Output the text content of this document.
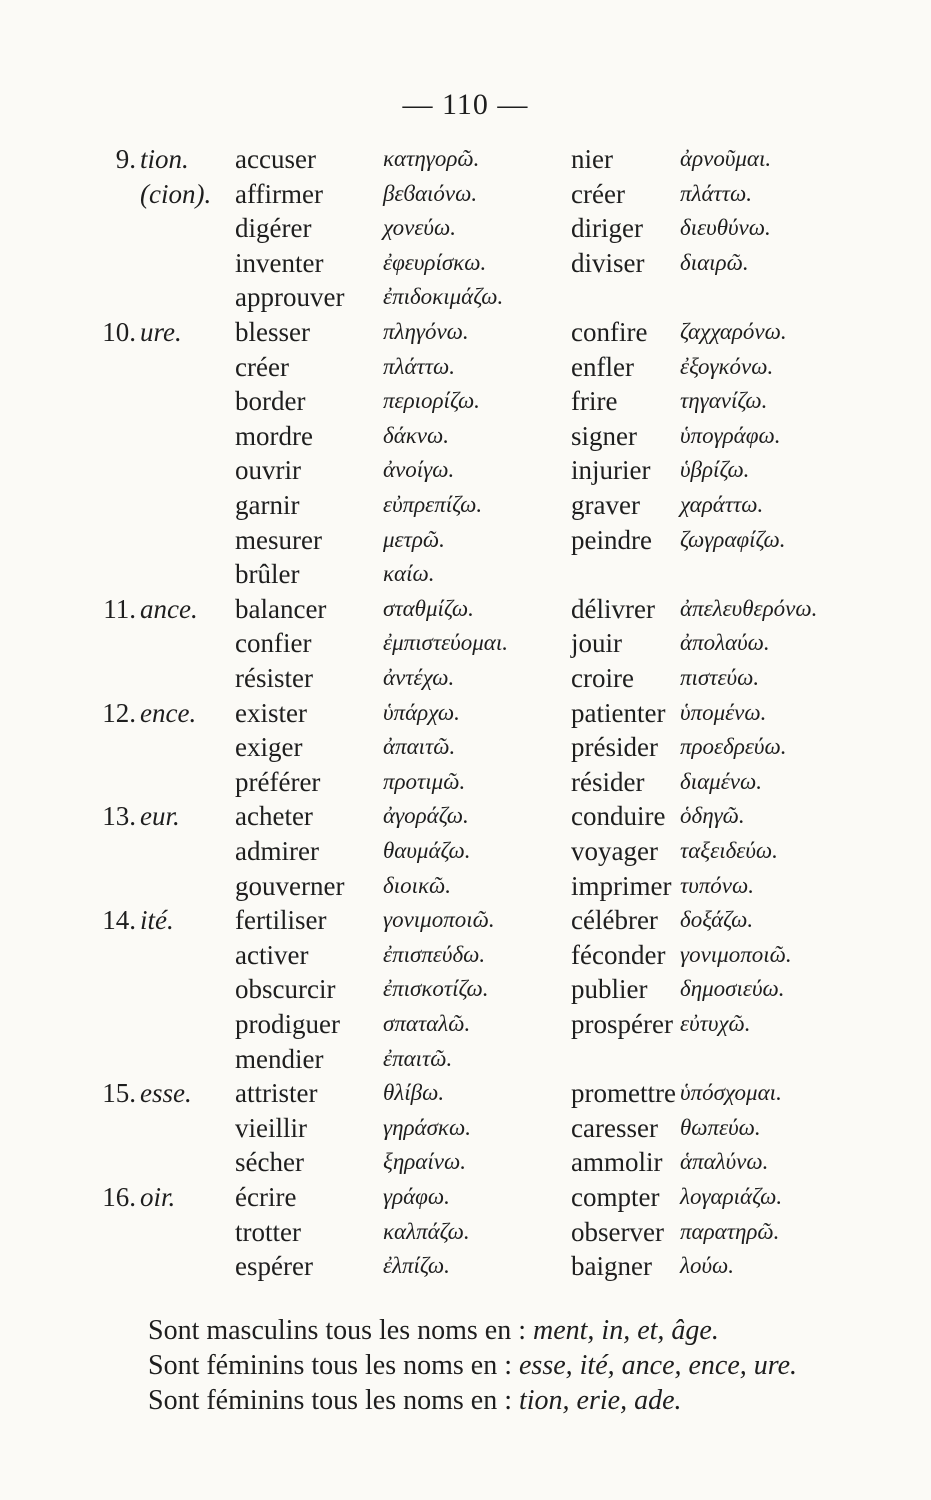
— 110 —
9. tion. accuser	κατηγορῶ.	nier	ἀρνοῦμαι.
(cion). affirmer	βεϐαιόνω.	créer πλάττω.
digérer	χονεύω.	diriger διευθύνω.
inventer	ἐφευρίσκω.	diviser διαιρῶ.
approuver ἐπιδοκιμάζω.
10. ure. blesser	πληγόνω.	confire ζαχχαρόνω.
créer	πλάττω.	enfler ἐξογκόνω.
border	περιορίζω.	frire	τηγανίζω.
mordre	δάκνω.	signer ὑπογράφω.
ouvrir	ἀνοίγω.	injurier ὑβρίζω.
garnir	εὐπρεπίζω.	graver χαράττω.
mesurer	μετρῶ.	peindre ζωγραφίζω.
brûler	καίω.
11. ance. balancer σταθμίζω.	délivrer ἀπελευθερόνω.
confier	ἐμπιστεύομαι. jouir	ἀπολαύω.
résister	ἀντέχω.	croire πιστεύω.
12. ence. exister	ὑπάρχω.	patienter ὑπομένω.
exiger	ἀπαιτῶ.	présider προεδρεύω.
préférer	προτιμῶ.	résider διαμένω.
13. eur. acheter	ἀγοράζω.	conduire ὁδηγῶ.
admirer	θαυμάζω.	voyager ταξειδεύω.
gouverner διοικῶ.	imprimer τυπόνω.
14. ité. fertiliser γονιμοποιῶ.	célébrer δοξάζω.
activer	ἐπισπεύδω.	féconder γονιμοποιῶ.
obscurcir ἐπισκοτίζω.	publier δημοσιεύω.
prodiguer σπαταλῶ.	prospérer εὐτυχῶ.
mendier	ἐπαιτῶ.
15. esse. attrister	θλίβω.	promettre ὑπόσχομαι.
vieillir	γηράσκω.	caresser θωπεύω.
sécher	ξηραίνω.	ammolir ἁπαλύνω.
16. oir. écrire	γράφω.	compter λογαριάζω.
trotter	καλπάζω.	observer παρατηρῶ.
espérer	ἐλπίζω.	baigner λούω.
Sont masculins tous les noms en : ment, in, et, âge.
Sont féminins tous les noms en : esse, ité, ance, ence, ure.
Sont féminins tous les noms en : tion, erie, ade.
